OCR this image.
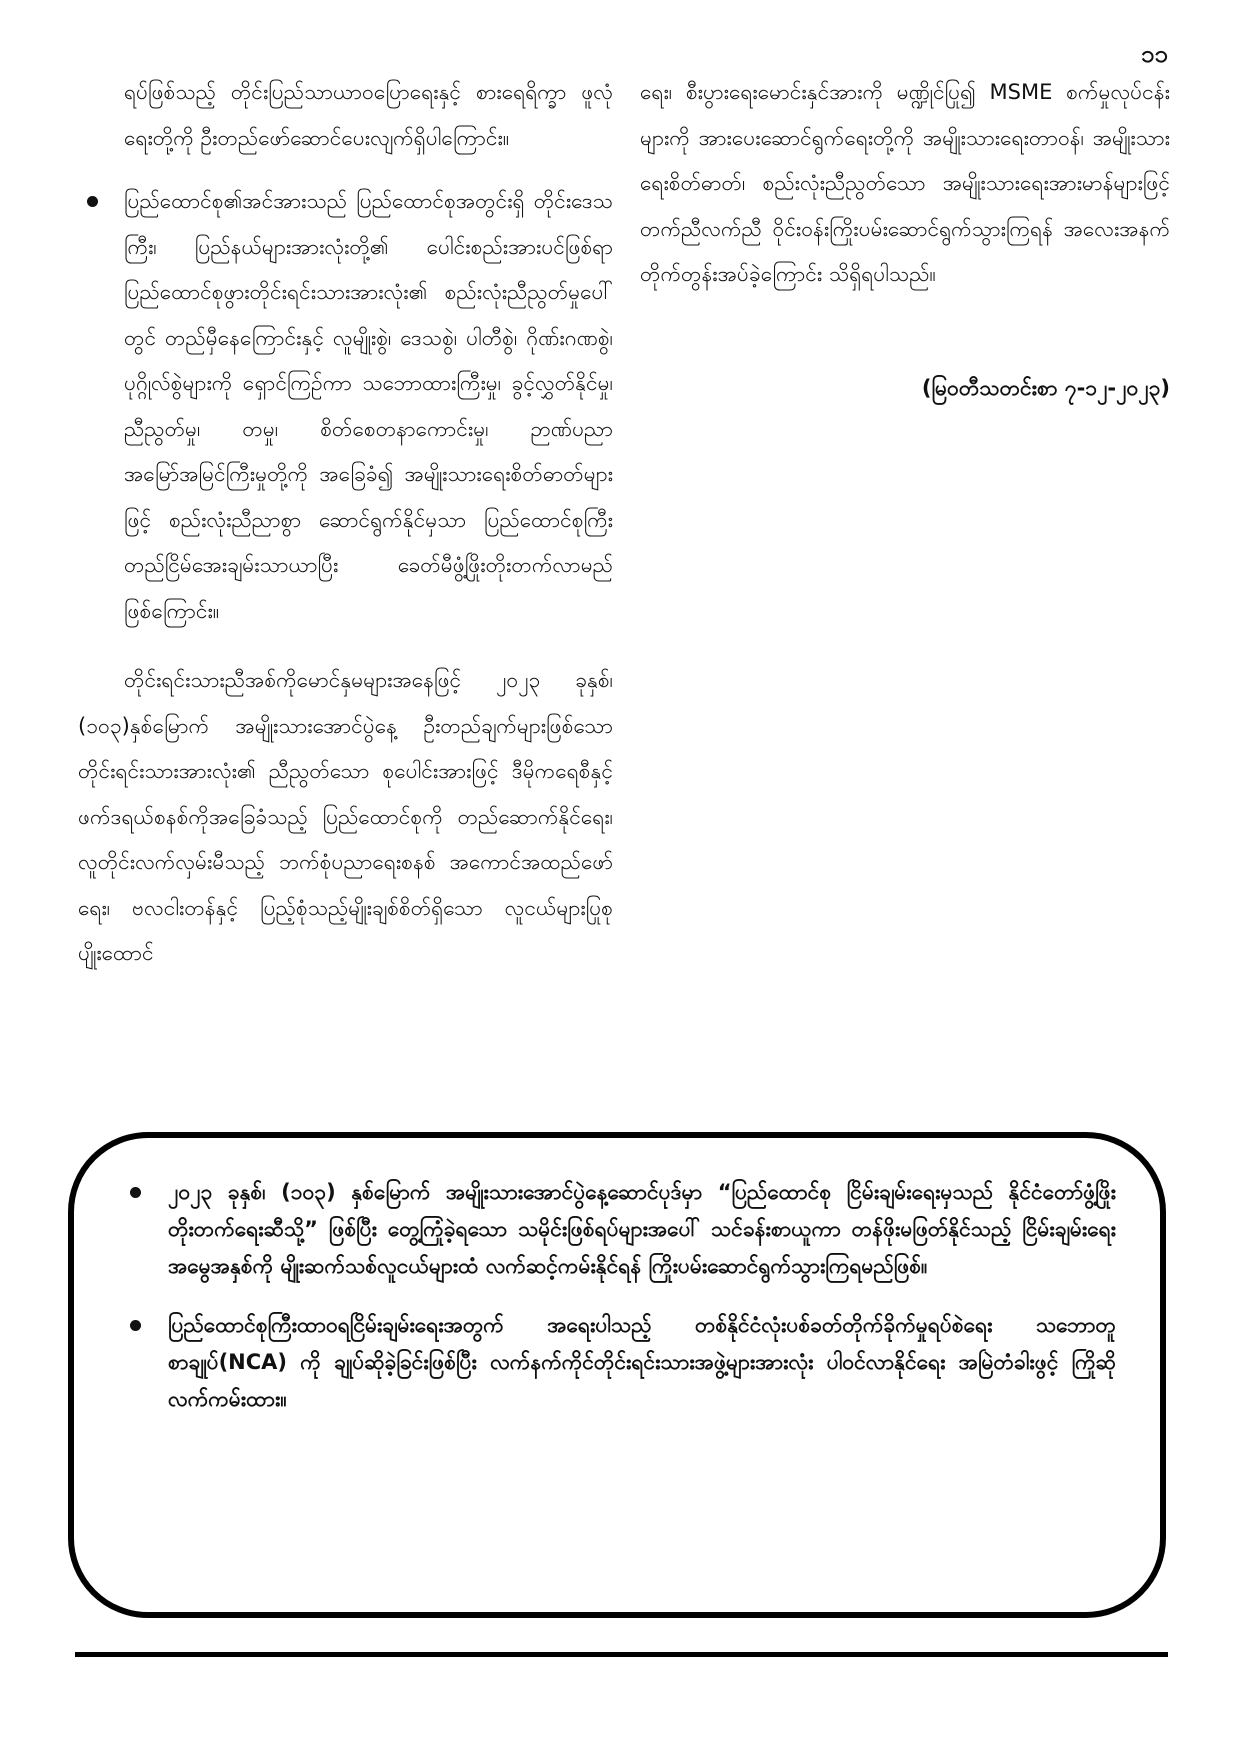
၁၁

ရပ်ဖြစ်သည့် တိုင်းပြည်သာယာဝပြောရေးနှင့် စားရေရိက္ခာ ဖူလုံရေးတို့ကို ဦးတည်ဖော်ဆောင်ပေးလျက်ရှိပါကြောင်း။

ပြည်ထောင်စု၏အင်အားသည် ပြည်ထောင်စုအတွင်းရှိ တိုင်းဒေသကြီး၊ ပြည်နယ်များအားလုံးတို့၏ ပေါင်းစည်းအားပင်ဖြစ်ရာ ပြည်ထောင်စုဖွားတိုင်းရင်းသားအားလုံး၏ စည်းလုံးညီညွတ်မှုပေါ်တွင် တည်မှီနေကြောင်းနှင့် လူမျိုးစွဲ၊ ဒေသစွဲ၊ ပါတီစွဲ၊ ဂိုဏ်းဂဏစွဲ၊ ပုဂ္ဂိုလ်စွဲများကို ရှောင်ကြဉ်ကာ သဘောထားကြီးမှု၊ ခွင့်လွှတ်နိုင်မှု၊ ညီညွတ်မှု၊ တမှု၊ စိတ်စေတနာကောင်းမှု၊ ဉာဏ်ပညာအမြော်အမြင်ကြီးမှုတို့ကို အခြေခံ၍ အမျိုးသားရေးစိတ်ဓာတ်များဖြင့် စည်းလုံးညီညာစွာ ဆောင်ရွက်နိုင်မှသာ ပြည်ထောင်စုကြီး တည်ငြိမ်အေးချမ်းသာယာပြီး ခေတ်မီဖွံ့ဖြိုးတိုးတက်လာမည်ဖြစ်ကြောင်း။

တိုင်းရင်းသားညီအစ်ကိုမောင်နှမများအနေဖြင့် ၂၀၂၃ ခုနှစ်၊ (၁၀၃)နှစ်မြောက် အမျိုးသားအောင်ပွဲနေ့ ဦးတည်ချက်များဖြစ်သော တိုင်းရင်းသားအားလုံး၏ ညီညွတ်သော စုပေါင်းအားဖြင့် ဒီမိုကရေစီနှင့် ဖက်ဒရယ်စနစ်ကိုအခြေခံသည့် ပြည်ထောင်စုကို တည်ဆောက်နိုင်ရေး၊ လူတိုင်းလက်လှမ်းမီသည့် ဘက်စုံပညာရေးစနစ် အကောင်အထည်ဖော်ရေး၊ ဗလငါးတန်နှင့် ပြည့်စုံသည့်မျိုးချစ်စိတ်ရှိသော လူငယ်များပြုစုပျိုးထောင်

ရေး၊ စီးပွားရေးမောင်းနှင်အားကို မဏ္ဍိုင်ပြု၍ MSME စက်မှုလုပ်ငန်းများကို အားပေးဆောင်ရွက်ရေးတို့ကို အမျိုးသားရေးတာဝန်၊ အမျိုးသားရေးစိတ်ဓာတ်၊ စည်းလုံးညီညွတ်သော အမျိုးသားရေးအားမာန်များဖြင့် တက်ညီလက်ညီ ဝိုင်းဝန်းကြိုးပမ်းဆောင်ရွက်သွားကြရန် အလေးအနက်တိုက်တွန်းအပ်ခဲ့ကြောင်း သိရှိရပါသည်။

(မြဝတီသတင်းစာ ၇-၁၂-၂၀၂၃)

၂၀၂၃ ခုနှစ်၊ (၁၀၃) နှစ်မြောက် အမျိုးသားအောင်ပွဲနေ့ဆောင်ပုဒ်မှာ “ပြည်ထောင်စု ငြိမ်းချမ်းရေးမှသည် နိုင်ငံတော်ဖွံ့ဖြိုးတိုးတက်ရေးဆီသို့” ဖြစ်ပြီး တွေ့ကြုံခဲ့ရသော သမိုင်းဖြစ်ရပ်များအပေါ် သင်ခန်းစာယူကာ တန်ဖိုးမဖြတ်နိုင်သည့် ငြိမ်းချမ်းရေးအမွေအနှစ်ကို မျိုးဆက်သစ်လူငယ်များထံ လက်ဆင့်ကမ်းနိုင်ရန် ကြိုးပမ်းဆောင်ရွက်သွားကြရမည်ဖြစ်။

ပြည်ထောင်စုကြီးထာဝရငြိမ်းချမ်းရေးအတွက် အရေးပါသည့် တစ်နိုင်ငံလုံးပစ်ခတ်တိုက်ခိုက်မှုရပ်စဲရေး သဘောတူစာချုပ်(NCA) ကို ချုပ်ဆိုခဲ့ခြင်းဖြစ်ပြီး လက်နက်ကိုင်တိုင်းရင်းသားအဖွဲ့များအားလုံး ပါဝင်လာနိုင်ရေး အမြဲတံခါးဖွင့် ကြိုဆိုလက်ကမ်းထား။
